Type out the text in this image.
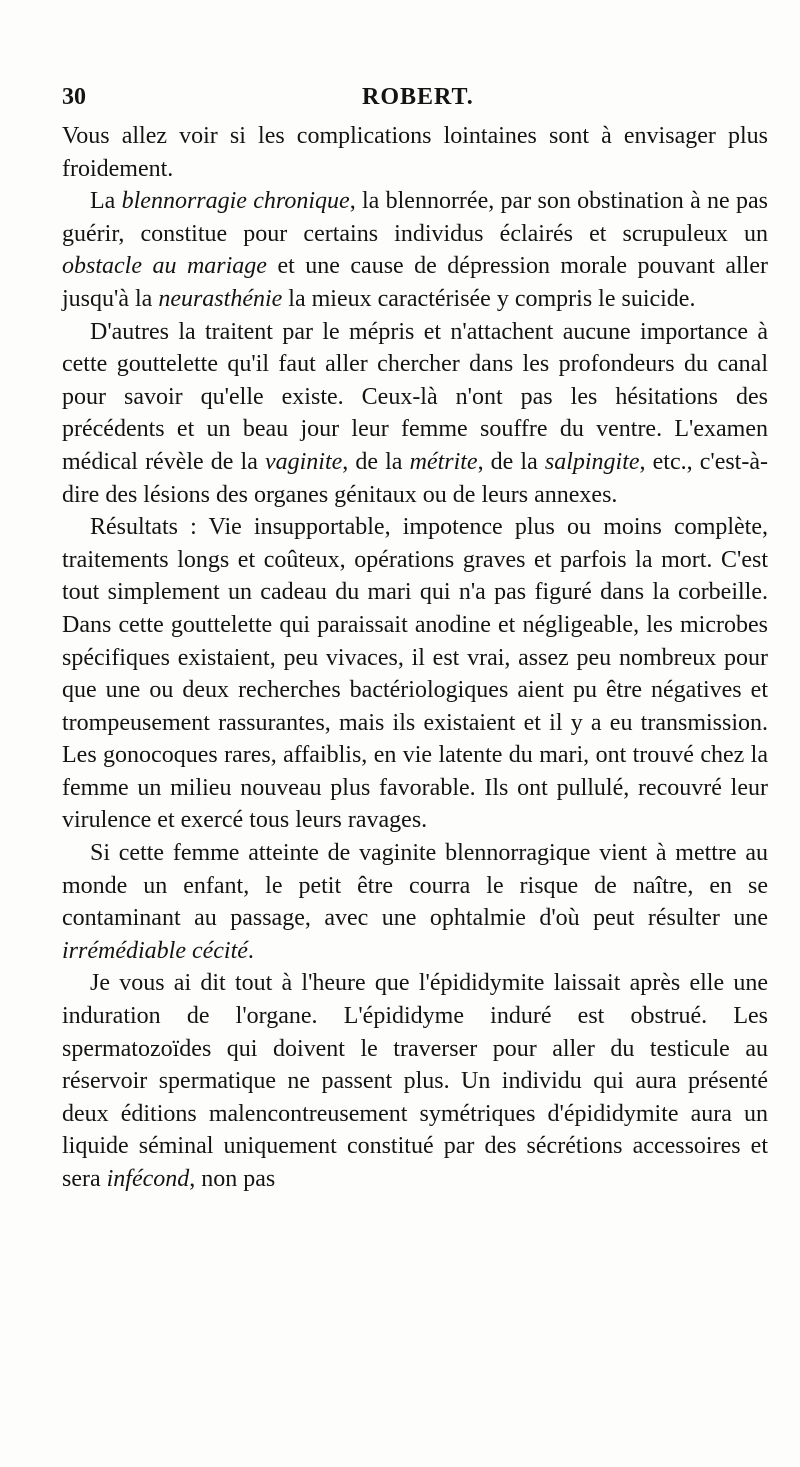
30	ROBERT.

Vous allez voir si les complications lointaines sont à envisager plus froidement.

La blennorragie chronique, la blennorrée, par son obstination à ne pas guérir, constitue pour certains individus éclairés et scrupuleux un obstacle au mariage et une cause de dépression morale pouvant aller jusqu'à la neurasthénie la mieux caractérisée y compris le suicide.

D'autres la traitent par le mépris et n'attachent aucune importance à cette gouttelette qu'il faut aller chercher dans les profondeurs du canal pour savoir qu'elle existe. Ceux-là n'ont pas les hésitations des précédents et un beau jour leur femme souffre du ventre. L'examen médical révèle de la vaginite, de la métrite, de la salpingite, etc., c'est-à-dire des lésions des organes génitaux ou de leurs annexes.

Résultats : Vie insupportable, impotence plus ou moins complète, traitements longs et coûteux, opérations graves et parfois la mort. C'est tout simplement un cadeau du mari qui n'a pas figuré dans la corbeille. Dans cette gouttelette qui paraissait anodine et négligeable, les microbes spécifiques existaient, peu vivaces, il est vrai, assez peu nombreux pour que une ou deux recherches bactériologiques aient pu être négatives et trompeusement rassurantes, mais ils existaient et il y a eu transmission. Les gonocoques rares, affaiblis, en vie latente du mari, ont trouvé chez la femme un milieu nouveau plus favorable. Ils ont pullulé, recouvré leur virulence et exercé tous leurs ravages.

Si cette femme atteinte de vaginite blennorragique vient à mettre au monde un enfant, le petit être courra le risque de naître, en se contaminant au passage, avec une ophtalmie d'où peut résulter une irrémédiable cécité.

Je vous ai dit tout à l'heure que l'épididymite laissait après elle une induration de l'organe. L'épididyme induré est obstrué. Les spermatozoïdes qui doivent le traverser pour aller du testicule au réservoir spermatique ne passent plus. Un individu qui aura présenté deux éditions malencontreusement symétriques d'épididymite aura un liquide séminal uniquement constitué par des sécrétions accessoires et sera infécond, non pas
